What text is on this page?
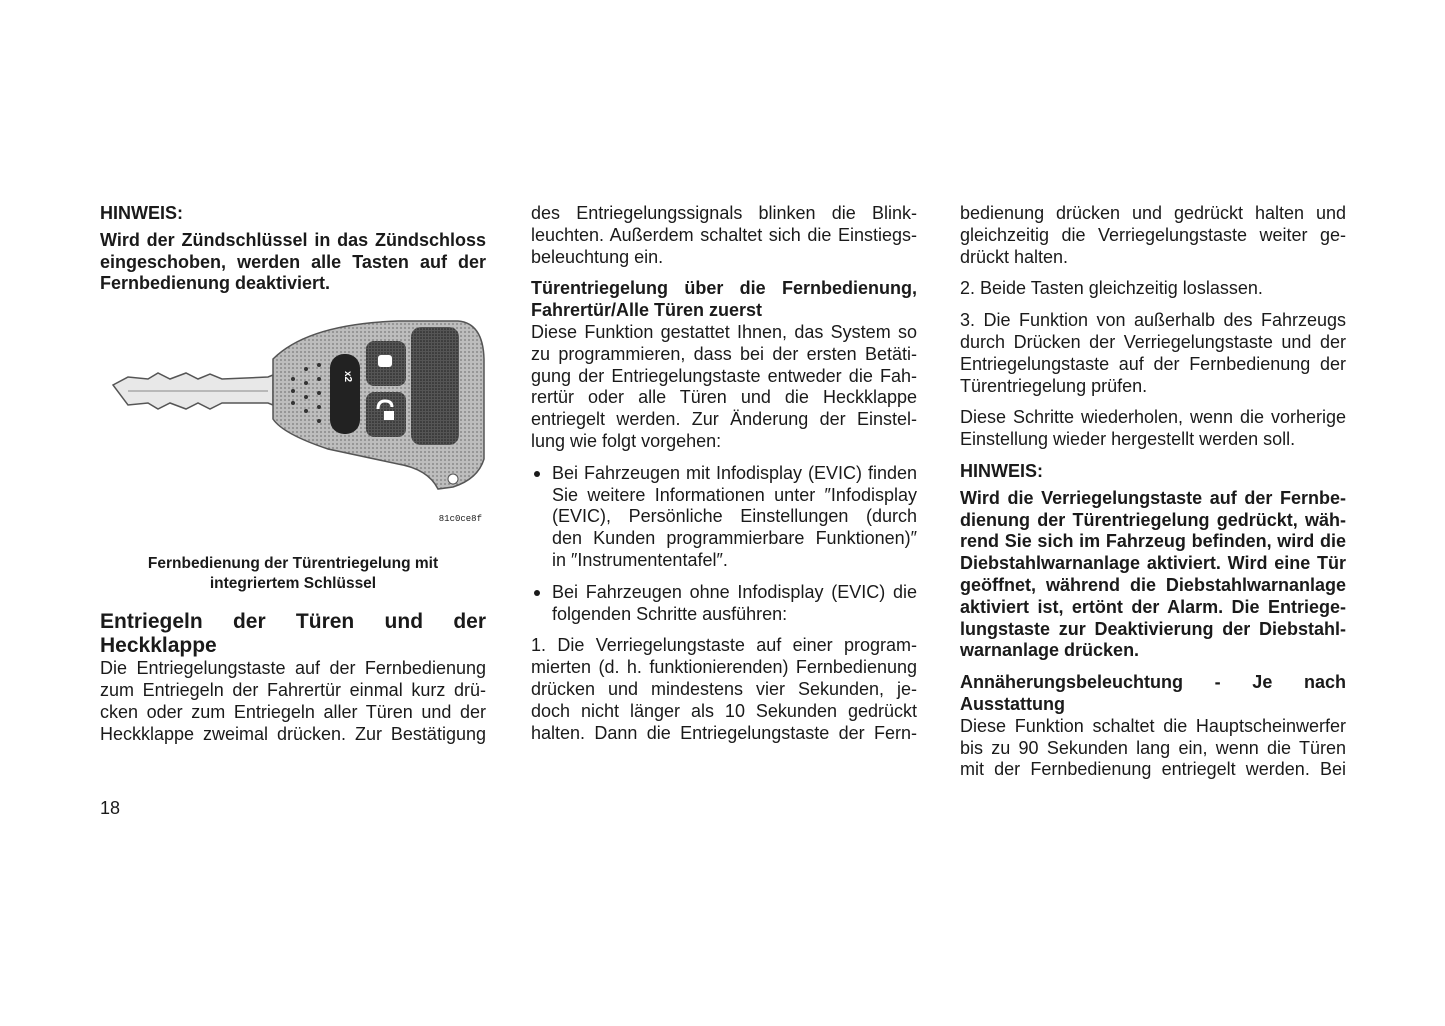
HINWEIS:
Wird der Zündschlüssel in das Zündschloss
eingeschoben, werden alle Tasten auf der
Fernbedienung deaktiviert.
x2
81c0ce8f
Fernbedienung der Türentriegelung mit
integriertem Schlüssel
Entriegeln der Türen und der
Heckklappe
Die Entriegelungstaste auf der Fernbedienung
zum Entriegeln der Fahrertür einmal kurz drü-
cken oder zum Entriegeln aller Türen und der
Heckklappe zweimal drücken. Zur Bestätigung
des Entriegelungssignals blinken die Blink-
leuchten. Außerdem schaltet sich die Einstiegs-
beleuchtung ein.
Türentriegelung über die Fernbedienung,
Fahrertür/Alle Türen zuerst
Diese Funktion gestattet Ihnen, das System so
zu programmieren, dass bei der ersten Betäti-
gung der Entriegelungstaste entweder die Fah-
rertür oder alle Türen und die Heckklappe
entriegelt werden. Zur Änderung der Einstel-
lung wie folgt vorgehen:
Bei Fahrzeugen mit Infodisplay (EVIC) finden
Sie weitere Informationen unter ″Infodisplay
(EVIC), Persönliche Einstellungen (durch
den Kunden programmierbare Funktionen)″
in ″Instrumententafel″.
Bei Fahrzeugen ohne Infodisplay (EVIC) die
folgenden Schritte ausführen:
1. Die Verriegelungstaste auf einer program-
mierten (d. h. funktionierenden) Fernbedienung
drücken und mindestens vier Sekunden, je-
doch nicht länger als 10 Sekunden gedrückt
halten. Dann die Entriegelungstaste der Fern-
bedienung drücken und gedrückt halten und
gleichzeitig die Verriegelungstaste weiter ge-
drückt halten.
2. Beide Tasten gleichzeitig loslassen.
3. Die Funktion von außerhalb des Fahrzeugs
durch Drücken der Verriegelungstaste und der
Entriegelungstaste auf der Fernbedienung der
Türentriegelung prüfen.
Diese Schritte wiederholen, wenn die vorherige
Einstellung wieder hergestellt werden soll.
HINWEIS:
Wird die Verriegelungstaste auf der Fernbe-
dienung der Türentriegelung gedrückt, wäh-
rend Sie sich im Fahrzeug befinden, wird die
Diebstahlwarnanlage aktiviert. Wird eine Tür
geöffnet, während die Diebstahlwarnanlage
aktiviert ist, ertönt der Alarm. Die Entriege-
lungstaste zur Deaktivierung der Diebstahl-
warnanlage drücken.
Annäherungsbeleuchtung - Je nach
Ausstattung
Diese Funktion schaltet die Hauptscheinwerfer
bis zu 90 Sekunden lang ein, wenn die Türen
mit der Fernbedienung entriegelt werden. Bei
18
